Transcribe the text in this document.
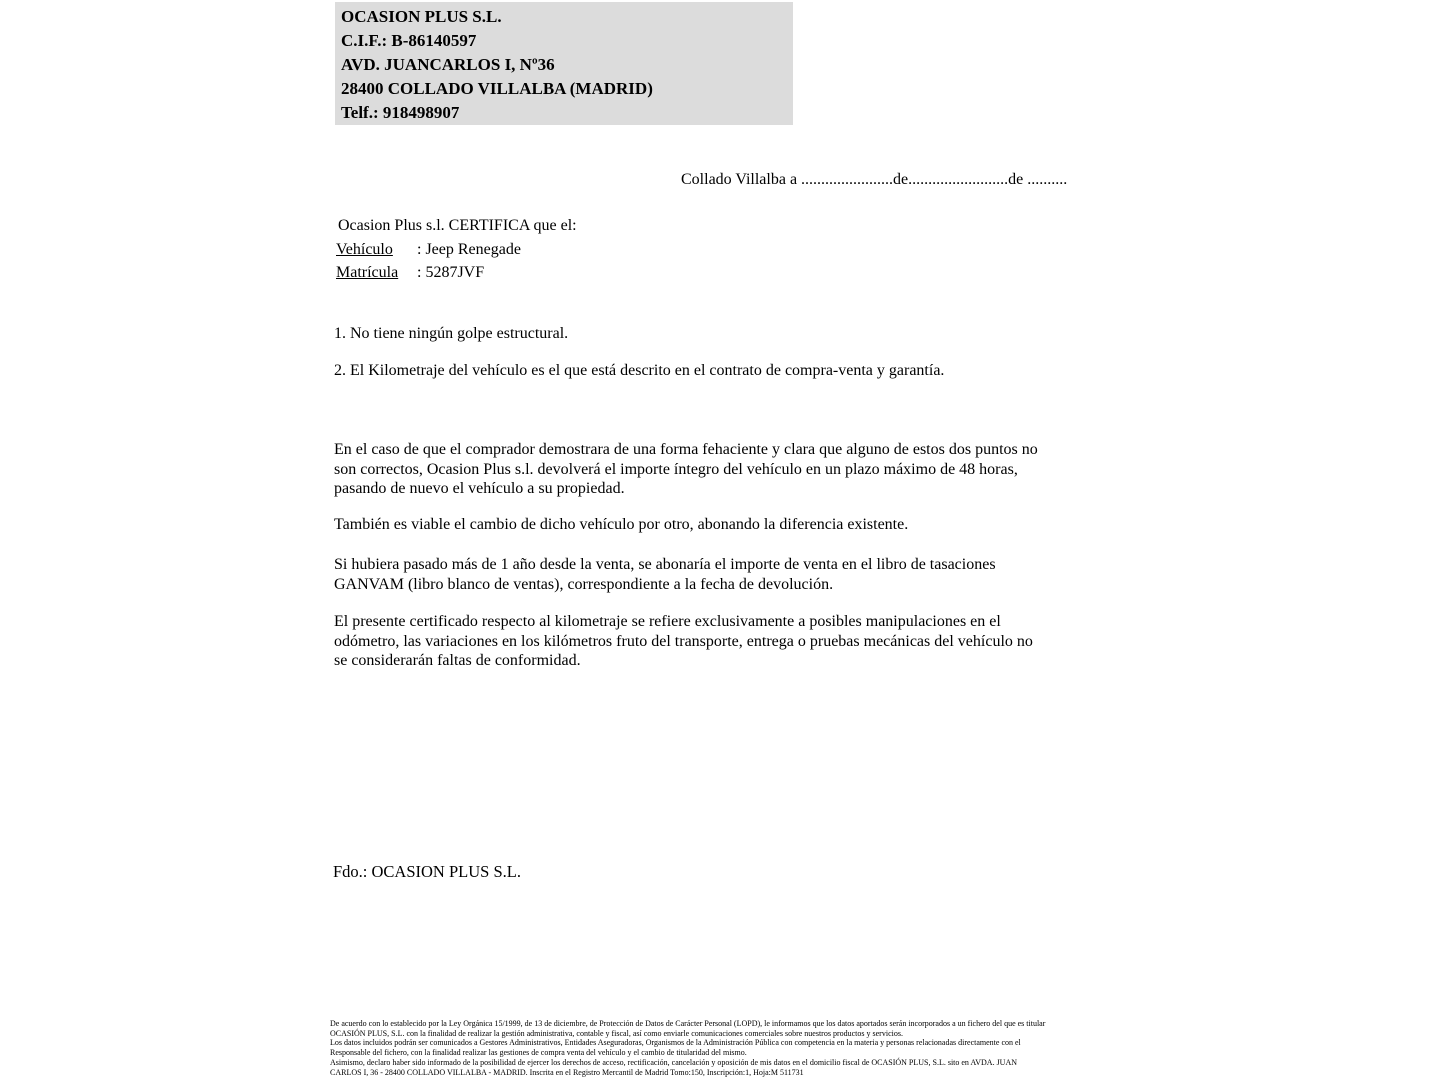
OCASION PLUS S.L.
C.I.F.: B-86140597
AVD. JUANCARLOS I, Nº36
28400 COLLADO VILLALBA (MADRID)
Telf.: 918498907
Collado Villalba a .......................de.........................de ..........
Ocasion Plus s.l. CERTIFICA que el:
Vehículo : Jeep Renegade
Matrícula : 5287JVF
1. No tiene ningún golpe estructural.
2. El Kilometraje del vehículo es el que está descrito en el contrato de compra-venta y garantía.
En el caso de que el comprador demostrara de una forma fehaciente y clara que alguno de estos dos puntos no
son correctos, Ocasion Plus s.l. devolverá el importe íntegro del vehículo en un plazo máximo de 48 horas,
pasando de nuevo el vehículo a su propiedad.
También es viable el cambio de dicho vehículo por otro, abonando la diferencia existente.
Si hubiera pasado más de 1 año desde la venta, se abonaría el importe de venta en el libro de tasaciones
GANVAM (libro blanco de ventas), correspondiente a la fecha de devolución.
El presente certificado respecto al kilometraje se refiere exclusivamente a posibles manipulaciones en el
odómetro, las variaciones en los kilómetros fruto del transporte, entrega o pruebas mecánicas del vehículo no
se considerarán faltas de conformidad.
Fdo.: OCASION PLUS S.L.
De acuerdo con lo establecido por la Ley Orgánica 15/1999, de 13 de diciembre, de Protección de Datos de Carácter Personal (LOPD), le informamos que los datos aportados serán incorporados a un fichero del que es titular
OCASIÓN PLUS, S.L. con la finalidad de realizar la gestión administrativa, contable y fiscal, así como enviarle comunicaciones comerciales sobre nuestros productos y servicios.
Los datos incluidos podrán ser comunicados a Gestores Administrativos, Entidades Aseguradoras, Organismos de la Administración Pública con competencia en la materia y personas relacionadas directamente con el
Responsable del fichero, con la finalidad realizar las gestiones de compra venta del vehículo y el cambio de titularidad del mismo.
Asimismo, declaro haber sido informado de la posibilidad de ejercer los derechos de acceso, rectificación, cancelación y oposición de mis datos en el domicilio fiscal de OCASIÓN PLUS, S.L. sito en AVDA. JUAN
CARLOS I, 36 - 28400 COLLADO VILLALBA - MADRID. Inscrita en el Registro Mercantil de Madrid Tomo:150, Inscripción:1, Hoja:M 511731
